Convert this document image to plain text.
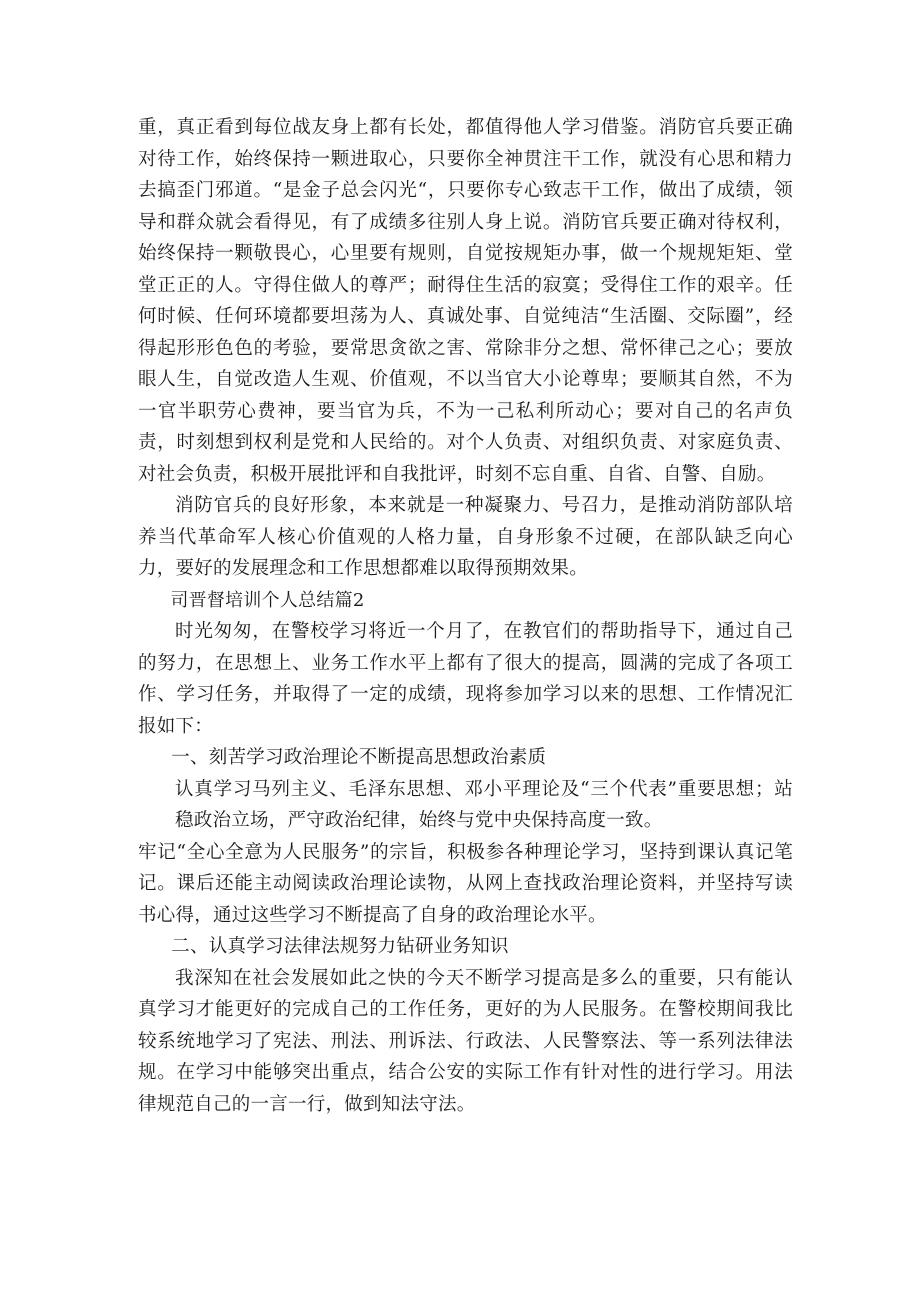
重，真正看到每位战友身上都有长处，都值得他人学习借鉴。消防官兵要正确对待工作，始终保持一颗进取心，只要你全神贯注干工作，就没有心思和精力去搞歪门邪道。“是金子总会闪光“，只要你专心致志干工作，做出了成绩，领导和群众就会看得见，有了成绩多往别人身上说。消防官兵要正确对待权利，始终保持一颗敬畏心，心里要有规则，自觉按规矩办事，做一个规规矩矩、堂堂正正的人。守得住做人的尊严；耐得住生活的寂寞；受得住工作的艰辛。任何时候、任何环境都要坦荡为人、真诚处事、自觉纯洁“生活圈、交际圈”，经得起形形色色的考验，要常思贪欲之害、常除非分之想、常怀律己之心；要放眼人生，自觉改造人生观、价值观，不以当官大小论尊卑；要顺其自然，不为一官半职劳心费神，要当官为兵，不为一己私利所动心；要对自己的名声负责，时刻想到权利是党和人民给的。对个人负责、对组织负责、对家庭负责、对社会负责，积极开展批评和自我批评，时刻不忘自重、自省、自警、自励。

消防官兵的良好形象，本来就是一种凝聚力、号召力，是推动消防部队培养当代革命军人核心价值观的人格力量，自身形象不过硬，在部队缺乏向心力，要好的发展理念和工作思想都难以取得预期效果。

司晋督培训个人总结篇2

时光匆匆，在警校学习将近一个月了，在教官们的帮助指导下，通过自己的努力，在思想上、业务工作水平上都有了很大的提高，圆满的完成了各项工作、学习任务，并取得了一定的成绩，现将参加学习以来的思想、工作情况汇报如下：

一、刻苦学习政治理论不断提高思想政治素质

认真学习马列主义、毛泽东思想、邓小平理论及“三个代表”重要思想；站稳政治立场，严守政治纪律，始终与党中央保持高度一致。

牢记“全心全意为人民服务”的宗旨，积极参各种理论学习，坚持到课认真记笔记。课后还能主动阅读政治理论读物，从网上查找政治理论资料，并坚持写读书心得，通过这些学习不断提高了自身的政治理论水平。

二、认真学习法律法规努力钻研业务知识

我深知在社会发展如此之快的今天不断学习提高是多么的重要，只有能认真学习才能更好的完成自己的工作任务，更好的为人民服务。在警校期间我比较系统地学习了宪法、刑法、刑诉法、行政法、人民警察法、等一系列法律法规。在学习中能够突出重点，结合公安的实际工作有针对性的进行学习。用法律规范自己的一言一行，做到知法守法。
